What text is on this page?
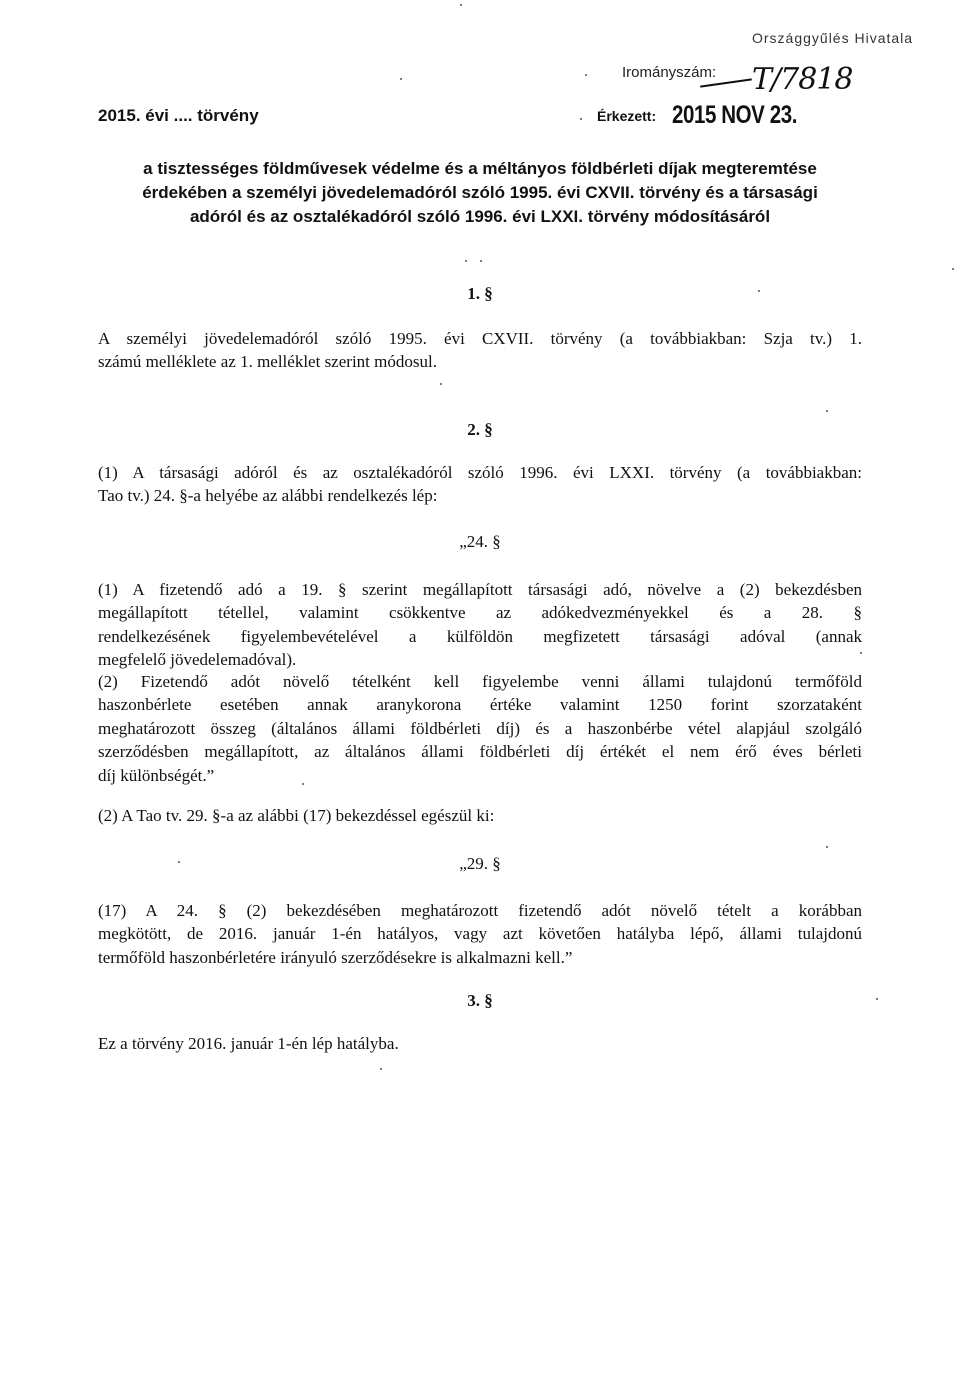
Országgyűlés Hivatala
Irományszám: T/7818
2015. évi .... törvény	Érkezett: 2015 NOV 23.
a tisztességes földművesek védelme és a méltányos földbérleti díjak megteremtése
érdekében a személyi jövedelemadóról szóló 1995. évi CXVII. törvény és a társasági
adóról és az osztalékadóról szóló 1996. évi LXXI. törvény módosításáról
1. §
A személyi jövedelemadóról szóló 1995. évi CXVII. törvény (a továbbiakban: Szja tv.) 1.
számú melléklete az 1. melléklet szerint módosul.
2. §
(1) A társasági adóról és az osztalékadóról szóló 1996. évi LXXI. törvény (a továbbiakban:
Tao tv.) 24. §-a helyébe az alábbi rendelkezés lép:
„24. §
(1) A fizetendő adó a 19. § szerint megállapított társasági adó, növelve a (2) bekezdésben
megállapított tétellel, valamint csökkentve az adókedvezményekkel és a 28. §
rendelkezésének figyelembevételével a külföldön megfizetett társasági adóval (annak
megfelelő jövedelemadóval).
(2) Fizetendő adót növelő tételként kell figyelembe venni állami tulajdonú termőföld
haszonbérlete esetében annak aranykorona értéke valamint 1250 forint szorzataként
meghatározott összeg (általános állami földbérleti díj) és a haszonbérbe vétel alapjául szolgáló
szerződésben megállapított, az általános állami földbérleti díj értékét el nem érő éves bérleti
díj különbségét.”
(2) A Tao tv. 29. §-a az alábbi (17) bekezdéssel egészül ki:
„29. §
(17) A 24. § (2) bekezdésében meghatározott fizetendő adót növelő tételt a korábban
megkötött, de 2016. január 1-én hatályos, vagy azt követően hatályba lépő, állami tulajdonú
termőföld haszonbérletére irányuló szerződésekre is alkalmazni kell.”
3. §
Ez a törvény 2016. január 1-én lép hatályba.
